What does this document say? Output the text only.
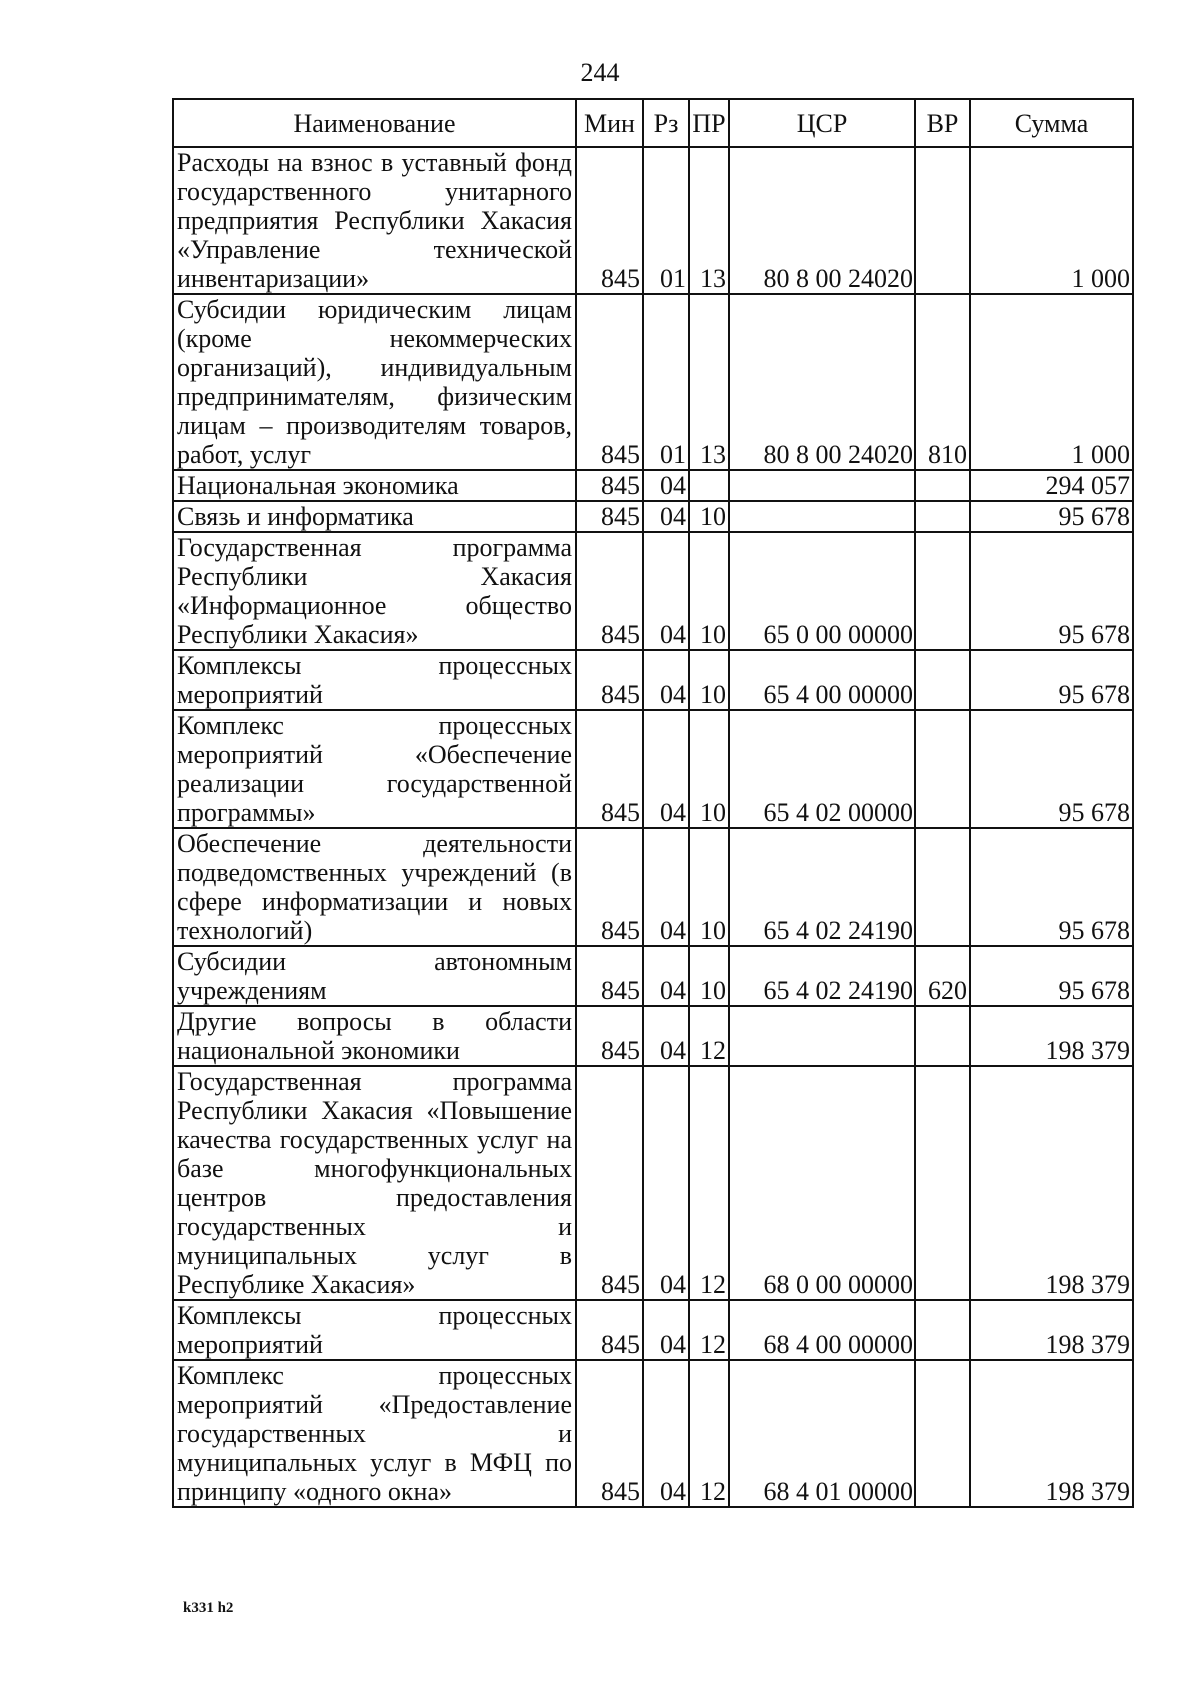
244
Наименование	Мин	Рз	ПР	ЦСР	ВР	Сумма
Расходы на взнос в уставный фонд государственного унитарного предприятия Республики Хакасия «Управление технической инвентаризации»	845	01	13	80 8 00 24020		1 000
Субсидии юридическим лицам (кроме некоммерческих организаций), индивидуальным предпринимателям, физическим лицам – производителям товаров, работ, услуг	845	01	13	80 8 00 24020	810	1 000
Национальная экономика	845	04				294 057
Связь и информатика	845	04	10			95 678
Государственная программа Республики Хакасия «Информационное общество Республики Хакасия»	845	04	10	65 0 00 00000		95 678
Комплексы процессных мероприятий	845	04	10	65 4 00 00000		95 678
Комплекс процессных мероприятий «Обеспечение реализации государственной программы»	845	04	10	65 4 02 00000		95 678
Обеспечение деятельности подведомственных учреждений (в сфере информатизации и новых технологий)	845	04	10	65 4 02 24190		95 678
Субсидии автономным учреждениям	845	04	10	65 4 02 24190	620	95 678
Другие вопросы в области национальной экономики	845	04	12			198 379
Государственная программа Республики Хакасия «Повышение качества государственных услуг на базе многофункциональных центров предоставления государственных и муниципальных услуг в Республике Хакасия»	845	04	12	68 0 00 00000		198 379
Комплексы процессных мероприятий	845	04	12	68 4 00 00000		198 379
Комплекс процессных мероприятий «Предоставление государственных и муниципальных услуг в МФЦ по принципу «одного окна»	845	04	12	68 4 01 00000		198 379
k331 h2
